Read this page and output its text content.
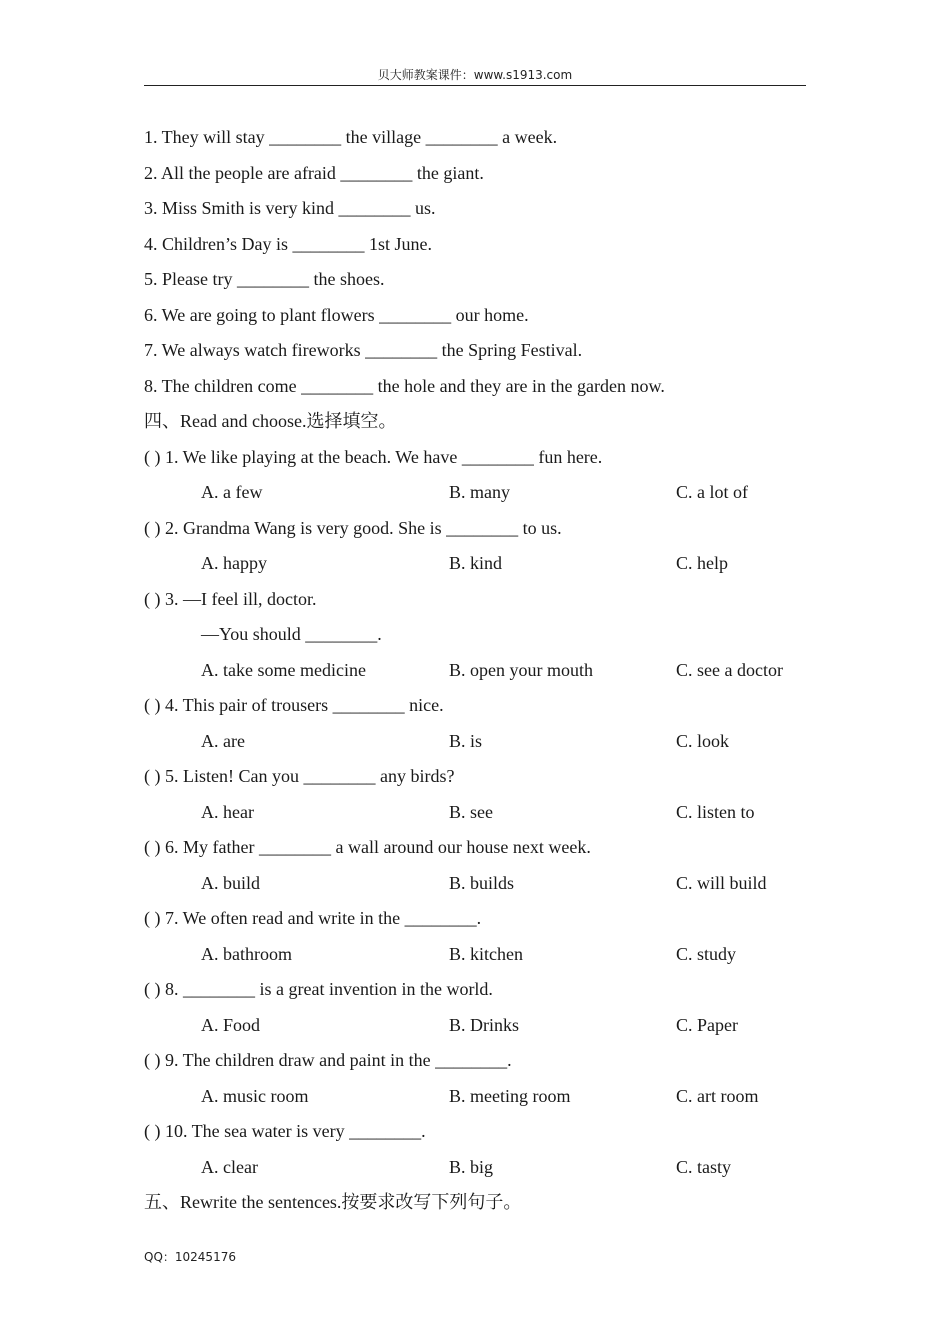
贝大师教案课件：www.s1913.com
1. They will stay ________ the village ________ a week.
2. All the people are afraid ________ the giant.
3. Miss Smith is very kind ________ us.
4. Children’s Day is ________ 1st June.
5. Please try ________ the shoes.
6. We are going to plant flowers ________ our home.
7. We always watch fireworks ________ the Spring Festival.
8. The children come ________ the hole and they are in the garden now.
四、Read and choose.选择填空。
( ) 1. We like playing at the beach. We have ________ fun here.
A. a few	B. many	C. a lot of
( ) 2. Grandma Wang is very good. She is ________ to us.
A. happy	B. kind	C. help
( ) 3. —I feel ill, doctor.
—You should ________.
A. take some medicine	B. open your mouth	C. see a doctor
( ) 4. This pair of trousers ________ nice.
A. are	B. is	C. look
( ) 5. Listen! Can you ________ any birds?
A. hear	B. see	C. listen to
( ) 6. My father ________ a wall around our house next week.
A. build	B. builds	C. will build
( ) 7. We often read and write in the ________.
A. bathroom	B. kitchen	C. study
( ) 8. ________ is a great invention in the world.
A. Food	B. Drinks	C. Paper
( ) 9. The children draw and paint in the ________.
A. music room	B. meeting room	C. art room
( ) 10. The sea water is very ________.
A. clear	B. big	C. tasty
五、Rewrite the sentences.按要求改写下列句子。
QQ：10245176
